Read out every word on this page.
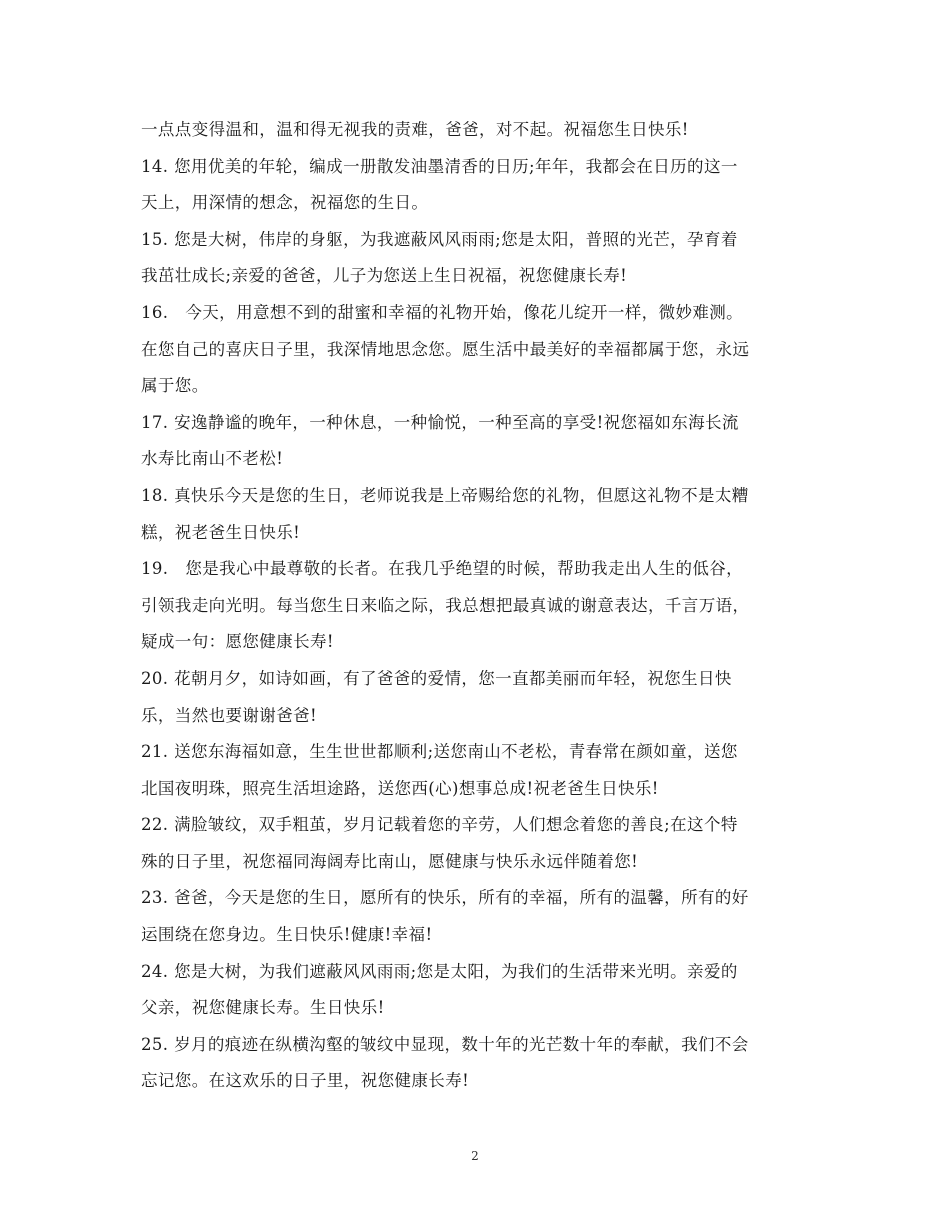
一点点变得温和，温和得无视我的责难，爸爸，对不起。祝福您生日快乐!
14. 您用优美的年轮，编成一册散发油墨清香的日历;年年，我都会在日历的这一
天上，用深情的想念，祝福您的生日。
15. 您是大树，伟岸的身躯，为我遮蔽风风雨雨;您是太阳，普照的光芒，孕育着
我茁壮成长;亲爱的爸爸，儿子为您送上生日祝福，祝您健康长寿!
16.   今天，用意想不到的甜蜜和幸福的礼物开始，像花儿绽开一样，微妙难测。
在您自己的喜庆日子里，我深情地思念您。愿生活中最美好的幸福都属于您，永远
属于您。
17. 安逸静谧的晚年，一种休息，一种愉悦，一种至高的享受!祝您福如东海长流
水寿比南山不老松!
18. 真快乐今天是您的生日，老师说我是上帝赐给您的礼物，但愿这礼物不是太糟
糕，祝老爸生日快乐!
19.   您是我心中最尊敬的长者。在我几乎绝望的时候，帮助我走出人生的低谷，
引领我走向光明。每当您生日来临之际，我总想把最真诚的谢意表达，千言万语，
疑成一句：愿您健康长寿!
20. 花朝月夕，如诗如画，有了爸爸的爱情，您一直都美丽而年轻，祝您生日快
乐，当然也要谢谢爸爸!
21. 送您东海福如意，生生世世都顺利;送您南山不老松，青春常在颜如童，送您
北国夜明珠，照亮生活坦途路，送您西(心)想事总成!祝老爸生日快乐!
22. 满脸皱纹，双手粗茧，岁月记载着您的辛劳，人们想念着您的善良;在这个特
殊的日子里，祝您福同海阔寿比南山，愿健康与快乐永远伴随着您!
23. 爸爸，今天是您的生日，愿所有的快乐，所有的幸福，所有的温馨，所有的好
运围绕在您身边。生日快乐!健康!幸福!
24. 您是大树，为我们遮蔽风风雨雨;您是太阳，为我们的生活带来光明。亲爱的
父亲，祝您健康长寿。生日快乐!
25. 岁月的痕迹在纵横沟壑的皱纹中显现，数十年的光芒数十年的奉献，我们不会
忘记您。在这欢乐的日子里，祝您健康长寿!
2
